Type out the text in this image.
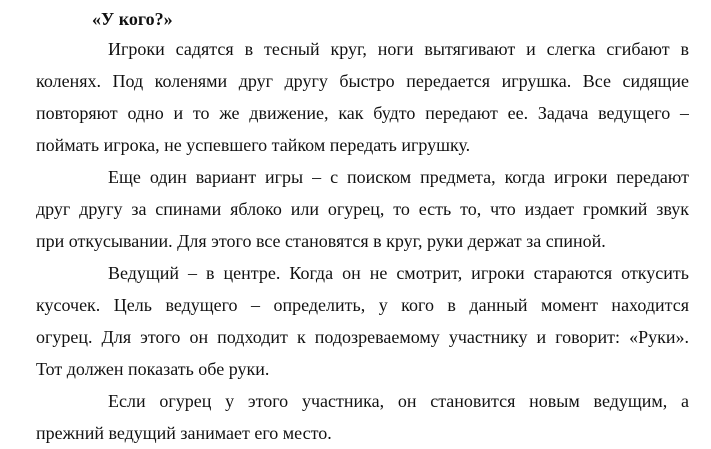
«У кого?»
Игроки садятся в тесный круг, ноги вытягивают и слегка сгибают в
коленях. Под коленями друг другу быстро передается игрушка. Все сидящие
повторяют одно и то же движение, как будто передают ее. Задача ведущего –
поймать игрока, не успевшего тайком передать игрушку.
Еще один вариант игры – с поиском предмета, когда игроки передают
друг другу за спинами яблоко или огурец, то есть то, что издает громкий звук
при откусывании. Для этого все становятся в круг, руки держат за спиной.
Ведущий – в центре. Когда он не смотрит, игроки стараются откусить
кусочек. Цель ведущего – определить, у кого в данный момент находится
огурец. Для этого он подходит к подозреваемому участнику и говорит: «Руки».
Тот должен показать обе руки.
Если огурец у этого участника, он становится новым ведущим, а
прежний ведущий занимает его место.
